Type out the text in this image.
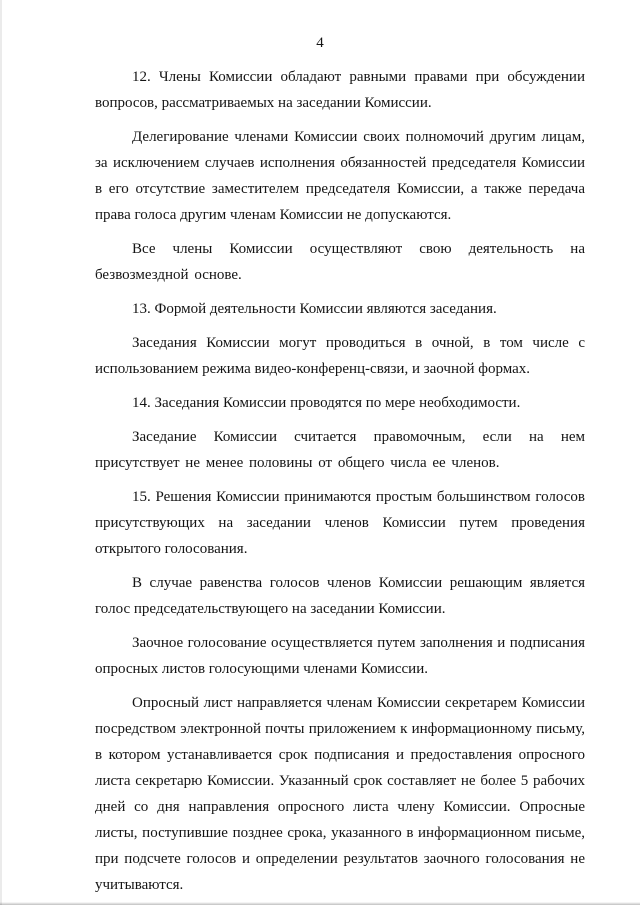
4

12. Члены Комиссии обладают равными правами при обсуждении вопросов, рассматриваемых на заседании Комиссии.

Делегирование членами Комиссии своих полномочий другим лицам, за исключением случаев исполнения обязанностей председателя Комиссии в его отсутствие заместителем председателя Комиссии, а также передача права голоса другим членам Комиссии не допускаются.

Все члены Комиссии осуществляют свою деятельность на безвозмездной основе.

13. Формой деятельности Комиссии являются заседания.

Заседания Комиссии могут проводиться в очной, в том числе с использованием режима видео-конференц-связи, и заочной формах.

14. Заседания Комиссии проводятся по мере необходимости.

Заседание Комиссии считается правомочным, если на нем присутствует не менее половины от общего числа ее членов.

15. Решения Комиссии принимаются простым большинством голосов присутствующих на заседании членов Комиссии путем проведения открытого голосования.

В случае равенства голосов членов Комиссии решающим является голос председательствующего на заседании Комиссии.

Заочное голосование осуществляется путем заполнения и подписания опросных листов голосующими членами Комиссии.

Опросный лист направляется членам Комиссии секретарем Комиссии посредством электронной почты приложением к информационному письму, в котором устанавливается срок подписания и предоставления опросного листа секретарю Комиссии. Указанный срок составляет не более 5 рабочих дней со дня направления опросного листа члену Комиссии. Опросные листы, поступившие позднее срока, указанного в информационном письме, при подсчете голосов и определении результатов заочного голосования не учитываются.
